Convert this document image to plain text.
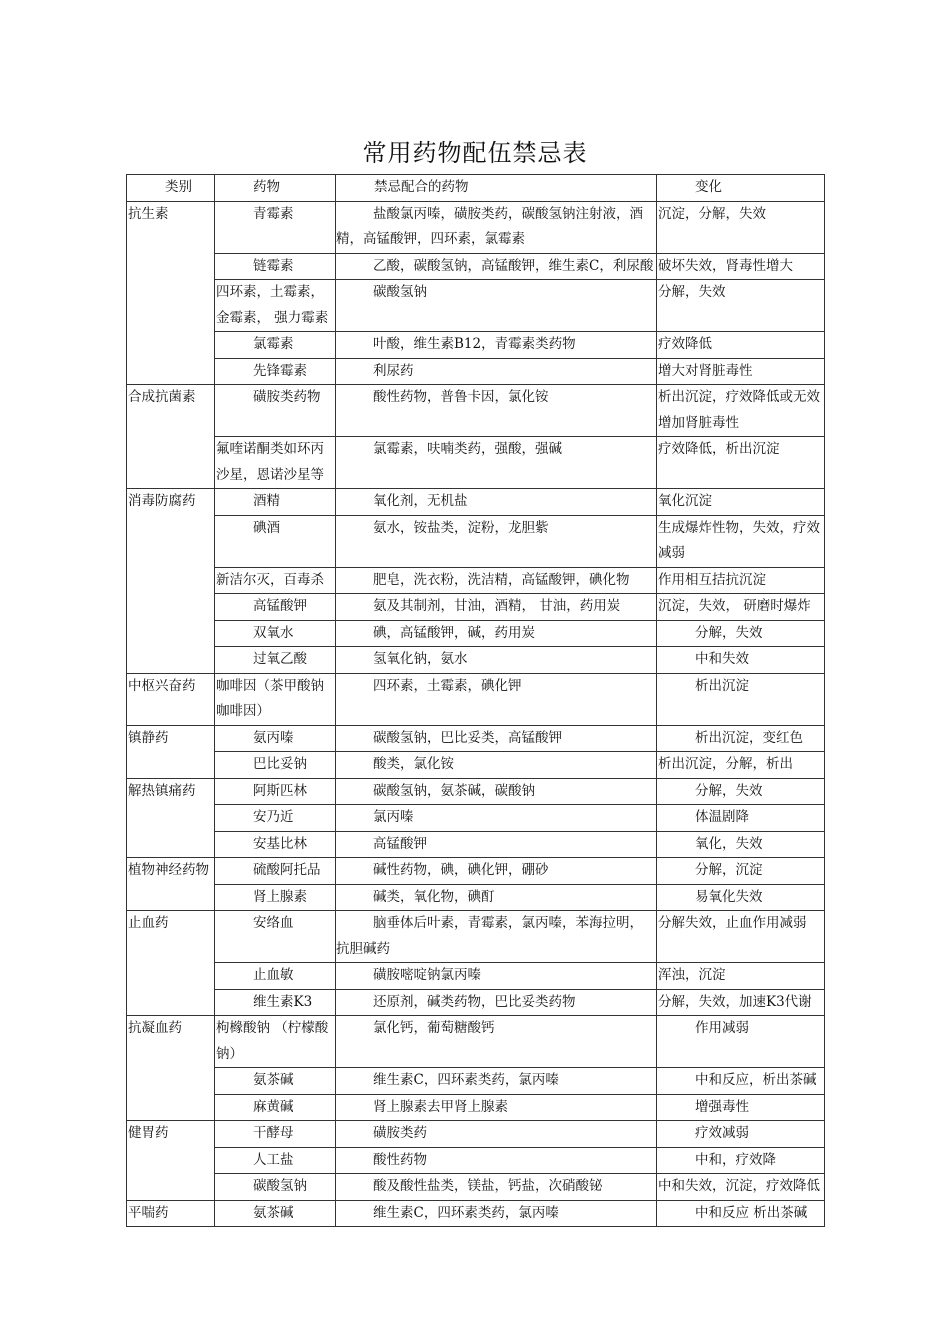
常用药物配伍禁忌表
类别	药物	禁忌配合的药物	变化
抗生素	青霉素	盐酸氯丙嗪，磺胺类药，碳酸氢钠注射液，酒精，高锰酸钾，四环素，氯霉素	沉淀，分解，失效
	链霉素	乙酸，碳酸氢钠，高锰酸钾，维生素C，利尿酸	破坏失效，肾毒性增大
	四环素，土霉素，金霉素， 强力霉素	碳酸氢钠	分解，失效
	氯霉素	叶酸，维生素B12，青霉素类药物	疗效降低
	先锋霉素	利尿药	增大对肾脏毒性
合成抗菌素	磺胺类药物	酸性药物，普鲁卡因，氯化铵	析出沉淀，疗效降低或无效增加肾脏毒性
	氟喹诺酮类如环丙沙星，恩诺沙星等	氯霉素，呋喃类药，强酸，强碱	疗效降低，析出沉淀
消毒防腐药	酒精	氧化剂，无机盐	氧化沉淀
	碘酒	氨水，铵盐类，淀粉，龙胆紫	生成爆炸性物，失效，疗效减弱
	新洁尔灭，百毒杀	肥皂，洗衣粉，洗洁精，高锰酸钾，碘化物	作用相互拮抗沉淀
	高锰酸钾	氨及其制剂，甘油，酒精， 甘油，药用炭	沉淀，失效， 研磨时爆炸
	双氧水	碘，高锰酸钾，碱，药用炭	分解，失效
	过氧乙酸	氢氧化钠，氨水	中和失效
中枢兴奋药	咖啡因（茶甲酸钠咖啡因）	四环素，土霉素，碘化钾	析出沉淀
镇静药	氨丙嗪	碳酸氢钠，巴比妥类，高锰酸钾	析出沉淀，变红色
	巴比妥钠	酸类，氯化铵	析出沉淀，分解，析出
解热镇痛药	阿斯匹林	碳酸氢钠，氨茶碱，碳酸钠	分解，失效
	安乃近	氯丙嗪	体温剧降
	安基比林	高锰酸钾	氧化，失效
植物神经药物	硫酸阿托品	碱性药物，碘，碘化钾，硼砂	分解，沉淀
	肾上腺素	碱类，氧化物，碘酊	易氧化失效
止血药	安络血	脑垂体后叶素，青霉素，氯丙嗪，苯海拉明，抗胆碱药	分解失效，止血作用减弱
	止血敏	磺胺嘧啶钠氯丙嗪	浑浊，沉淀
	维生素K3	还原剂，碱类药物，巴比妥类药物	分解，失效，加速K3代谢
抗凝血药	枸橼酸钠 （柠檬酸钠）	氯化钙，葡萄糖酸钙	作用减弱
	氨茶碱	维生素C，四环素类药，氯丙嗪	中和反应，析出茶碱
	麻黄碱	肾上腺素去甲肾上腺素	增强毒性
健胃药	干酵母	磺胺类药	疗效减弱
	人工盐	酸性药物	中和，疗效降
	碳酸氢钠	酸及酸性盐类，镁盐，钙盐，次硝酸铋	中和失效，沉淀，疗效降低
平喘药	氨茶碱	维生素C，四环素类药，氯丙嗪	中和反应 析出茶碱
